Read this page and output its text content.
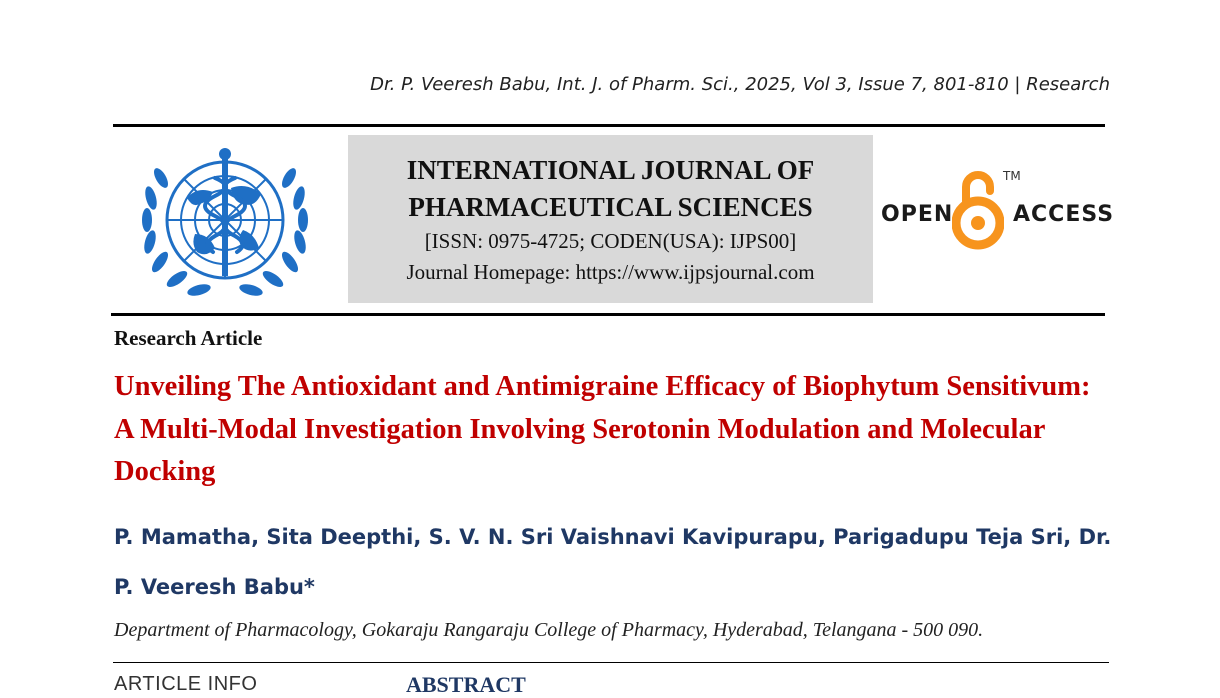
Dr. P. Veeresh Babu, Int. J. of Pharm. Sci., 2025, Vol 3, Issue 7, 801-810 | Research
INTERNATIONAL JOURNAL OF
PHARMACEUTICAL SCIENCES
[ISSN: 0975-4725; CODEN(USA): IJPS00]
Journal Homepage: https://www.ijpsjournal.com
OPEN
TM
ACCESS
Research Article
Unveiling The Antioxidant and Antimigraine Efficacy of Biophytum Sensitivum: A Multi-Modal Investigation Involving Serotonin Modulation and Molecular Docking
P. Mamatha, Sita Deepthi, S. V. N. Sri Vaishnavi Kavipurapu, Parigadupu Teja Sri, Dr. P. Veeresh Babu*
Department of Pharmacology, Gokaraju Rangaraju College of Pharmacy, Hyderabad, Telangana - 500 090.
ARTICLE INFO	ABSTRACT
